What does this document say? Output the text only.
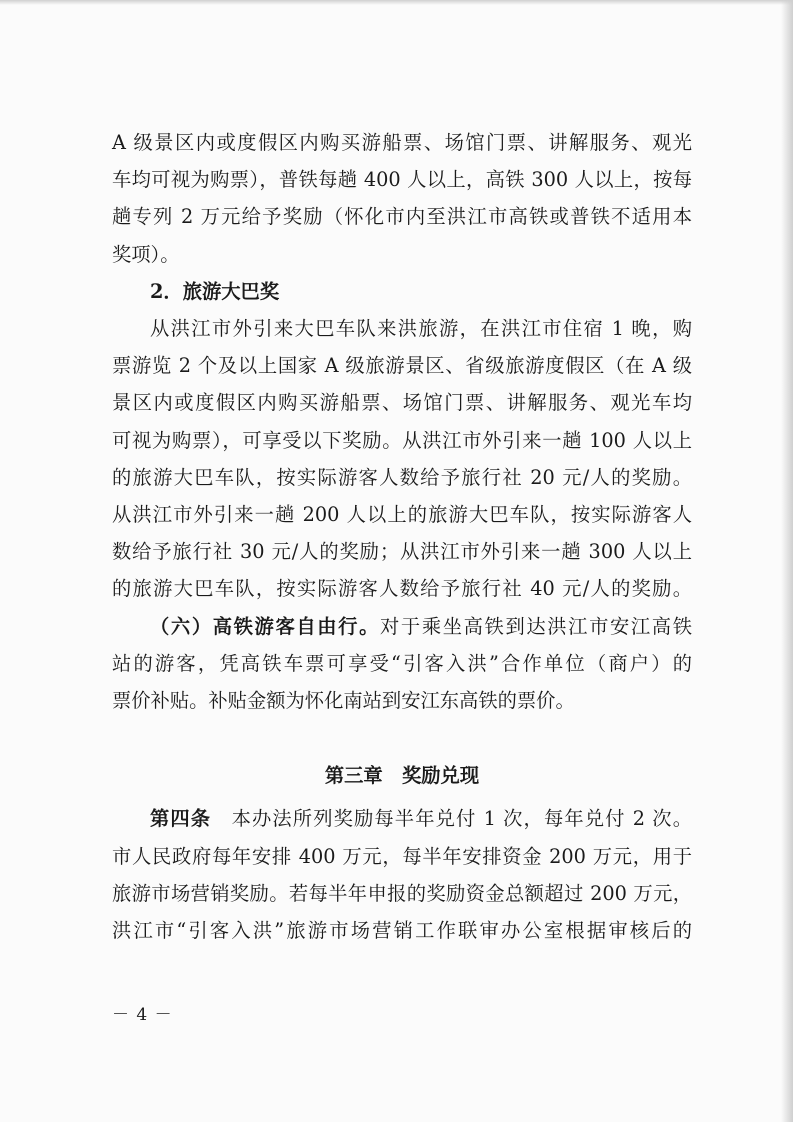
A 级景区内或度假区内购买游船票、场馆门票、讲解服务、观光

车均可视为购票），普铁每趟 400 人以上，高铁 300 人以上，按每

趟专列 2 万元给予奖励（怀化市内至洪江市高铁或普铁不适用本

奖项）。

2．旅游大巴奖

从洪江市外引来大巴车队来洪旅游，在洪江市住宿 1 晚，购

票游览 2 个及以上国家 A 级旅游景区、省级旅游度假区（在 A 级

景区内或度假区内购买游船票、场馆门票、讲解服务、观光车均

可视为购票），可享受以下奖励。从洪江市外引来一趟 100 人以上

的旅游大巴车队，按实际游客人数给予旅行社 20 元/人的奖励。

从洪江市外引来一趟 200 人以上的旅游大巴车队，按实际游客人

数给予旅行社 30 元/人的奖励；从洪江市外引来一趟 300 人以上

的旅游大巴车队，按实际游客人数给予旅行社 40 元/人的奖励。

（六）高铁游客自由行。对于乘坐高铁到达洪江市安江高铁

站的游客，凭高铁车票可享受“引客入洪”合作单位（商户）的

票价补贴。补贴金额为怀化南站到安江东高铁的票价。

第三章　奖励兑现

第四条　本办法所列奖励每半年兑付 1 次，每年兑付 2 次。

市人民政府每年安排 400 万元，每半年安排资金 200 万元，用于

旅游市场营销奖励。若每半年申报的奖励资金总额超过 200 万元，

洪江市“引客入洪”旅游市场营销工作联审办公室根据审核后的

－ 4 －
